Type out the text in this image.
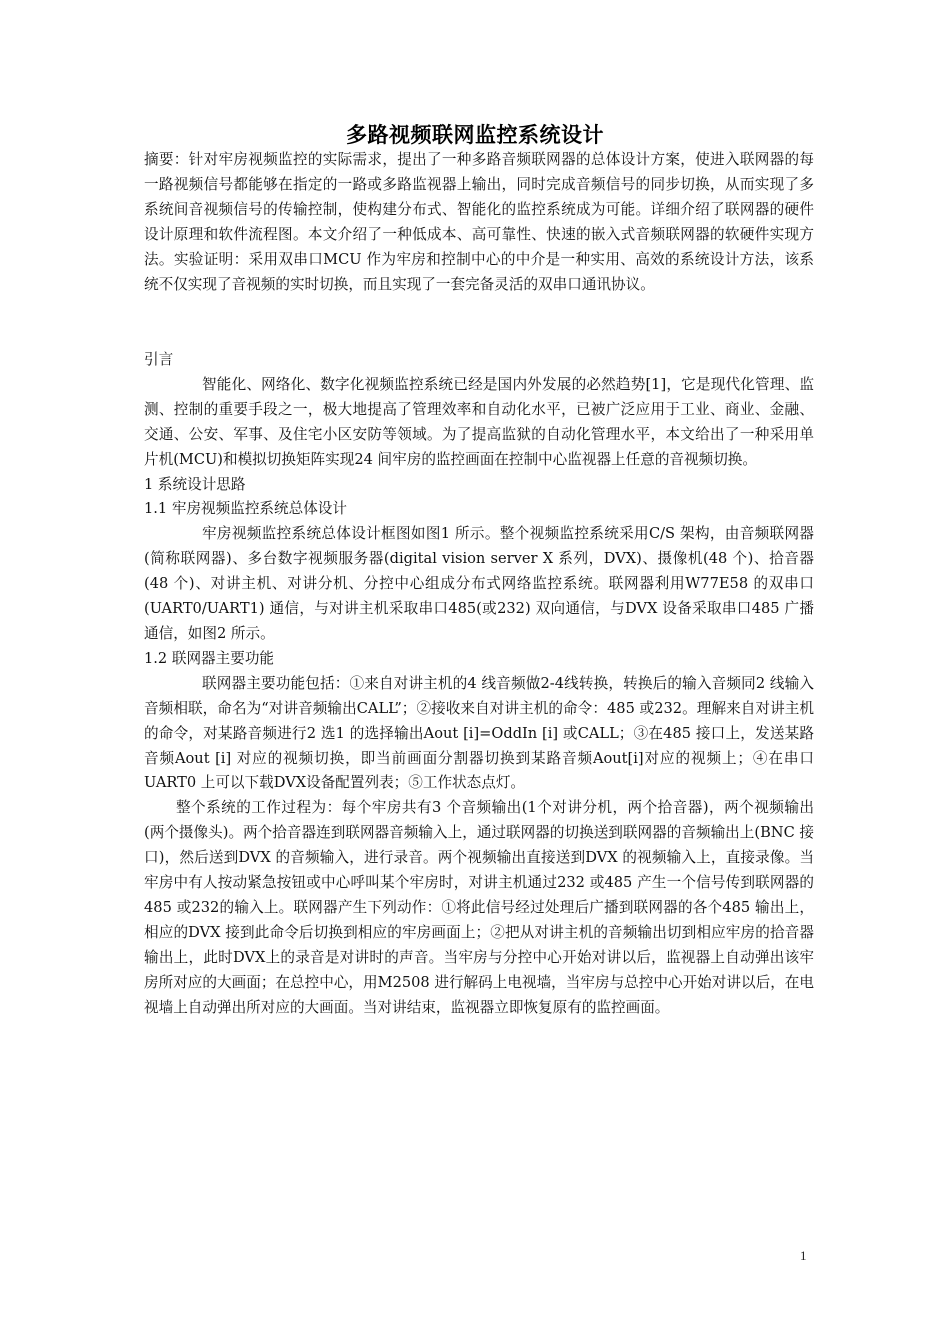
多路视频联网监控系统设计

摘要：针对牢房视频监控的实际需求，提出了一种多路音频联网器的总体设计方案，使进入联网器的每一路视频信号都能够在指定的一路或多路监视器上输出，同时完成音频信号的同步切换，从而实现了多系统间音视频信号的传输控制，使构建分布式、智能化的监控系统成为可能。详细介绍了联网器的硬件设计原理和软件流程图。本文介绍了一种低成本、高可靠性、快速的嵌入式音频联网器的软硬件实现方法。实验证明：采用双串口MCU 作为牢房和控制中心的中介是一种实用、高效的系统设计方法，该系统不仅实现了音视频的实时切换，而且实现了一套完备灵活的双串口通讯协议。

引言

智能化、网络化、数字化视频监控系统已经是国内外发展的必然趋势[1]，它是现代化管理、监测、控制的重要手段之一，极大地提高了管理效率和自动化水平，已被广泛应用于工业、商业、金融、交通、公安、军事、及住宅小区安防等领域。为了提高监狱的自动化管理水平，本文给出了一种采用单片机(MCU)和模拟切换矩阵实现24 间牢房的监控画面在控制中心监视器上任意的音视频切换。

1 系统设计思路

1.1 牢房视频监控系统总体设计

牢房视频监控系统总体设计框图如图1 所示。整个视频监控系统采用C/S 架构，由音频联网器(简称联网器)、多台数字视频服务器(digital vision server X 系列，DVX)、摄像机(48 个)、拾音器(48 个)、对讲主机、对讲分机、分控中心组成分布式网络监控系统。联网器利用W77E58 的双串口(UART0/UART1) 通信，与对讲主机采取串口485(或232) 双向通信，与DVX 设备采取串口485 广播通信，如图2 所示。

1.2 联网器主要功能

联网器主要功能包括：①来自对讲主机的4 线音频做2-4线转换，转换后的输入音频同2 线输入音频相联，命名为“对讲音频输出CALL”；②接收来自对讲主机的命令：485 或232。理解来自对讲主机的命令，对某路音频进行2 选1 的选择输出Aout [i]=OddIn [i] 或CALL；③在485 接口上，发送某路音频Aout [i] 对应的视频切换，即当前画面分割器切换到某路音频Aout[i]对应的视频上；④在串口UART0 上可以下载DVX设备配置列表；⑤工作状态点灯。

整个系统的工作过程为：每个牢房共有3 个音频输出(1个对讲分机，两个拾音器)，两个视频输出(两个摄像头)。两个拾音器连到联网器音频输入上，通过联网器的切换送到联网器的音频输出上(BNC 接口)，然后送到DVX 的音频输入，进行录音。两个视频输出直接送到DVX 的视频输入上，直接录像。当牢房中有人按动紧急按钮或中心呼叫某个牢房时，对讲主机通过232 或485 产生一个信号传到联网器的485 或232的输入上。联网器产生下列动作：①将此信号经过处理后广播到联网器的各个485 输出上，相应的DVX 接到此命令后切换到相应的牢房画面上；②把从对讲主机的音频输出切到相应牢房的拾音器输出上，此时DVX上的录音是对讲时的声音。当牢房与分控中心开始对讲以后，监视器上自动弹出该牢房所对应的大画面；在总控中心，用M2508 进行解码上电视墙，当牢房与总控中心开始对讲以后，在电视墙上自动弹出所对应的大画面。当对讲结束，监视器立即恢复原有的监控画面。

1
